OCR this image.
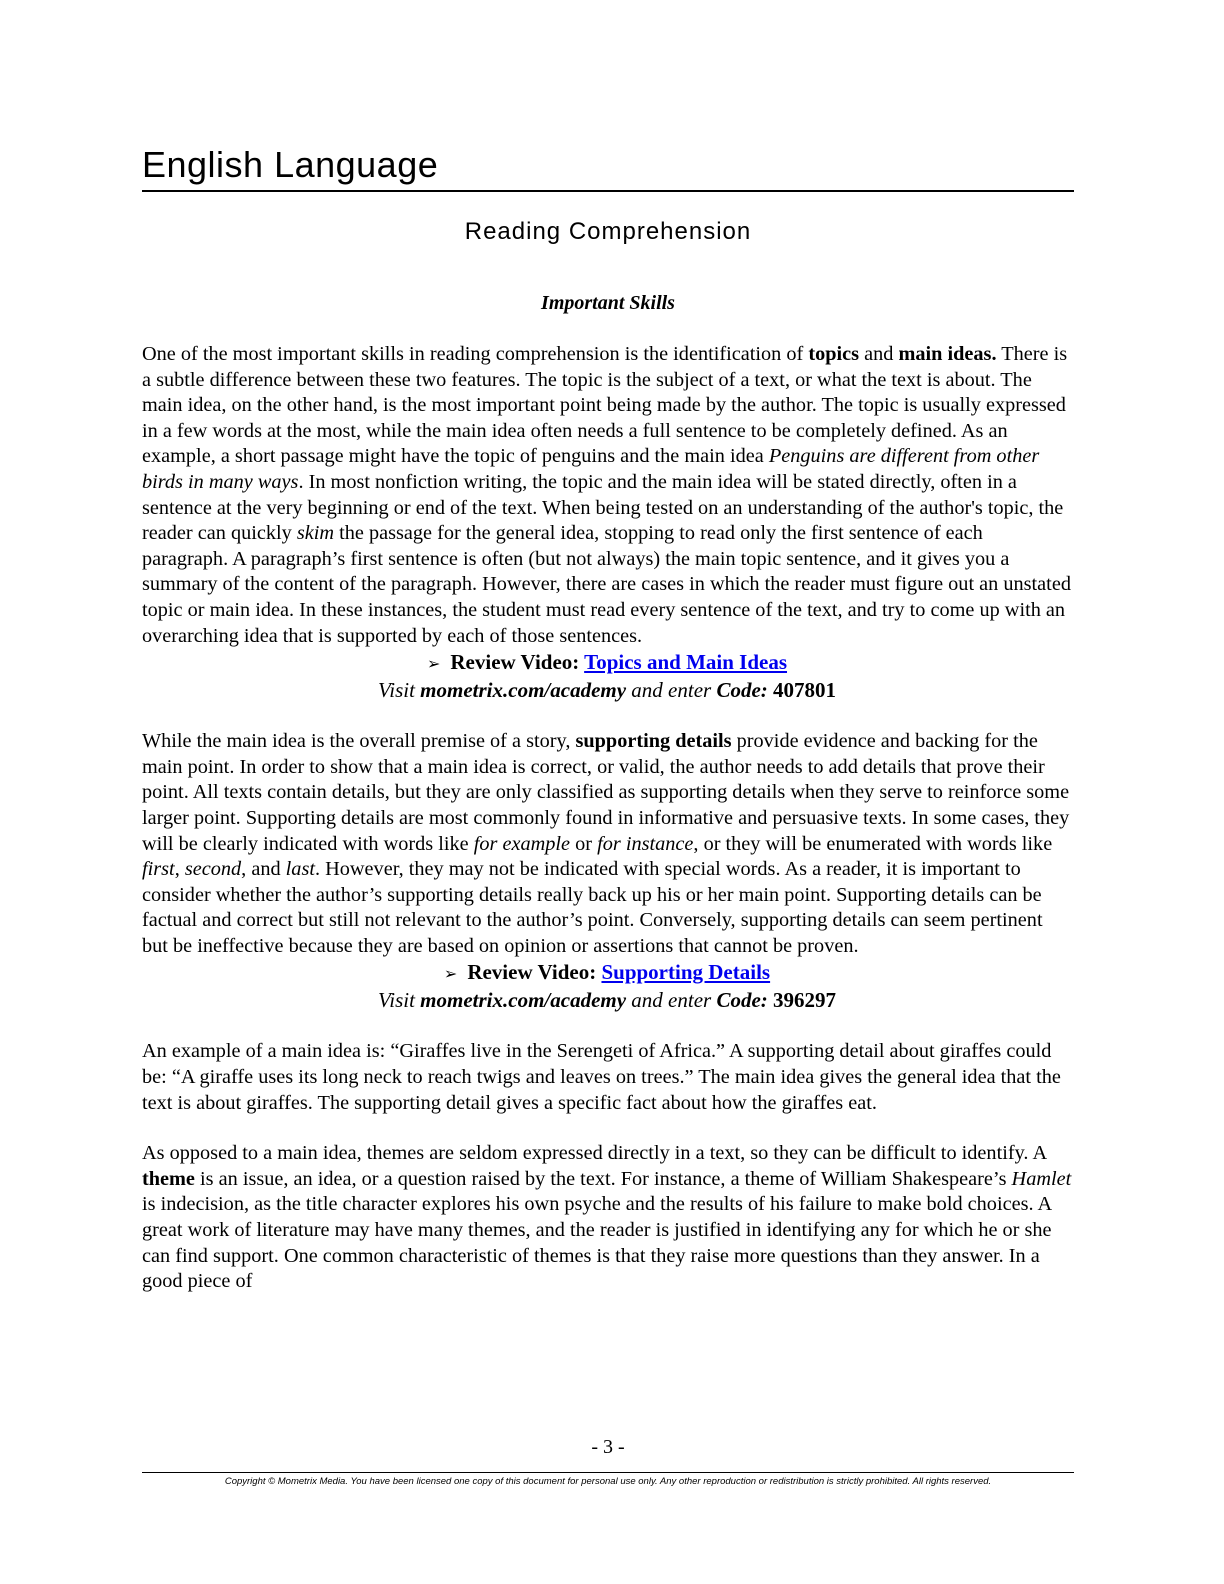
English Language
Reading Comprehension
Important Skills

One of the most important skills in reading comprehension is the identification of topics and main ideas. There is a subtle difference between these two features. The topic is the subject of a text, or what the text is about. The main idea, on the other hand, is the most important point being made by the author. The topic is usually expressed in a few words at the most, while the main idea often needs a full sentence to be completely defined. As an example, a short passage might have the topic of penguins and the main idea Penguins are different from other birds in many ways. In most nonfiction writing, the topic and the main idea will be stated directly, often in a sentence at the very beginning or end of the text. When being tested on an understanding of the author's topic, the reader can quickly skim the passage for the general idea, stopping to read only the first sentence of each paragraph. A paragraph’s first sentence is often (but not always) the main topic sentence, and it gives you a summary of the content of the paragraph. However, there are cases in which the reader must figure out an unstated topic or main idea. In these instances, the student must read every sentence of the text, and try to come up with an overarching idea that is supported by each of those sentences.

➢ Review Video: Topics and Main Ideas

Visit mometrix.com/academy and enter Code: 407801

While the main idea is the overall premise of a story, supporting details provide evidence and backing for the main point. In order to show that a main idea is correct, or valid, the author needs to add details that prove their point. All texts contain details, but they are only classified as supporting details when they serve to reinforce some larger point. Supporting details are most commonly found in informative and persuasive texts. In some cases, they will be clearly indicated with words like for example or for instance, or they will be enumerated with words like first, second, and last. However, they may not be indicated with special words. As a reader, it is important to consider whether the author’s supporting details really back up his or her main point. Supporting details can be factual and correct but still not relevant to the author’s point. Conversely, supporting details can seem pertinent but be ineffective because they are based on opinion or assertions that cannot be proven.

➢ Review Video: Supporting Details

Visit mometrix.com/academy and enter Code: 396297

An example of a main idea is: “Giraffes live in the Serengeti of Africa.” A supporting detail about giraffes could be: “A giraffe uses its long neck to reach twigs and leaves on trees.” The main idea gives the general idea that the text is about giraffes. The supporting detail gives a specific fact about how the giraffes eat.

As opposed to a main idea, themes are seldom expressed directly in a text, so they can be difficult to identify. A theme is an issue, an idea, or a question raised by the text. For instance, a theme of William Shakespeare’s Hamlet is indecision, as the title character explores his own psyche and the results of his failure to make bold choices. A great work of literature may have many themes, and the reader is justified in identifying any for which he or she can find support. One common characteristic of themes is that they raise more questions than they answer. In a good piece of

- 3 -
Copyright © Mometrix Media. You have been licensed one copy of this document for personal use only. Any other reproduction or redistribution is strictly prohibited. All rights reserved.
